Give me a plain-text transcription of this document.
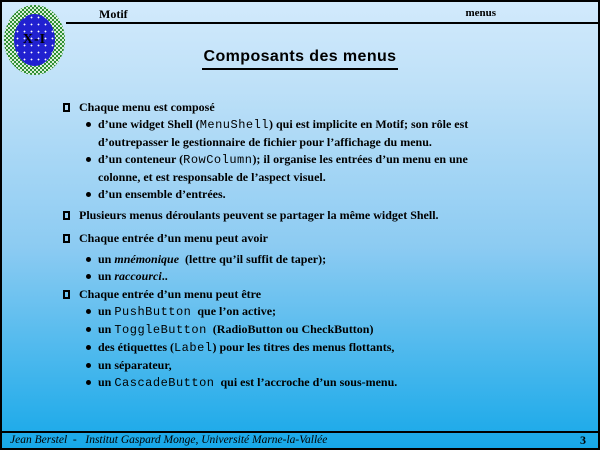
Motif	menus
X-I
Composants des menus
Chaque menu est composé
d’une widget Shell (MenuShell) qui est implicite en Motif; son rôle est
d’outrepasser le gestionnaire de fichier pour l’affichage du menu.
d’un conteneur (RowColumn); il organise les entrées d’un menu en une
colonne, et est responsable de l’aspect visuel.
d’un ensemble d’entrées.
Plusieurs menus déroulants peuvent se partager la même widget Shell.
Chaque entrée d’un menu peut avoir
un mnémonique  (lettre qu’il suffit de taper);
un raccourci..
Chaque entrée d’un menu peut être
un PushButton  que l’on active;
un ToggleButton  (RadioButton ou CheckButton)
des étiquettes (Label) pour les titres des menus flottants,
un séparateur,
un CascadeButton  qui est l’accroche d’un sous-menu.
Jean Berstel  -   Institut Gaspard Monge, Université Marne-la-Vallée	3
